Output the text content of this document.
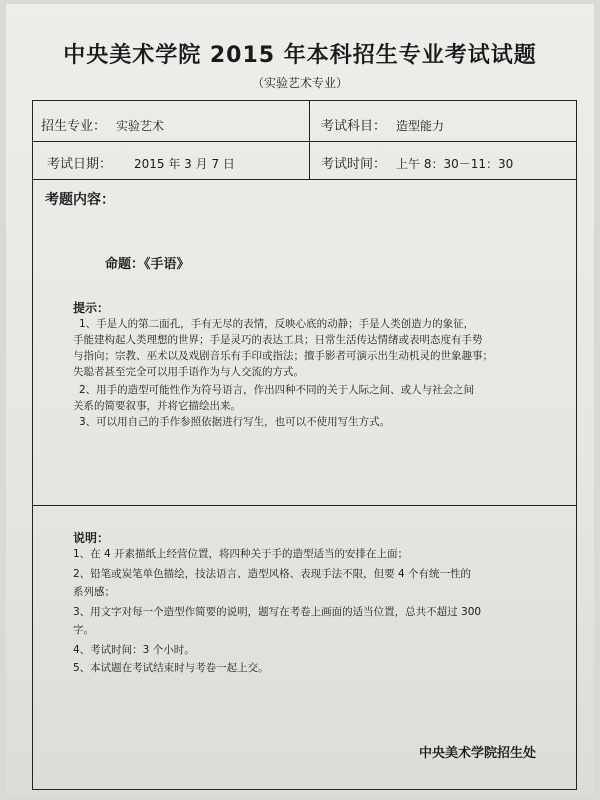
中央美术学院 2015 年本科招生专业考试试题
（实验艺术专业）
招生专业： 实验艺术	考试科目： 造型能力
考试日期： 2015 年 3 月 7 日	考试时间： 上午 8：30－11：30
考题内容：
命题：《手语》
提示：
1、手是人的第二面孔，手有无尽的表情，反映心底的动静；手是人类创造力的象征，
手能建构起人类理想的世界；手是灵巧的表达工具；日常生活传达情绪或表明态度有手势
与指向；宗教、巫术以及戏剧音乐有手印或指法；擅手影者可演示出生动机灵的世象趣事；
失聪者甚至完全可以用手语作为与人交流的方式。
2、用手的造型可能性作为符号语言，作出四种不同的关于人际之间、或人与社会之间
关系的简要叙事，并将它描绘出来。
3、可以用自己的手作参照依据进行写生，也可以不使用写生方式。
说明：
1、在 4 开素描纸上经营位置，将四种关于手的造型适当的安排在上面；
2、铅笔或炭笔单色描绘，技法语言、造型风格、表现手法不限，但要 4 个有统一性的
系列感；
3、用文字对每一个造型作简要的说明，题写在考卷上画面的适当位置，总共不超过 300
字。
4、考试时间：3 个小时。
5、本试题在考试结束时与考卷一起上交。
中央美术学院招生处
